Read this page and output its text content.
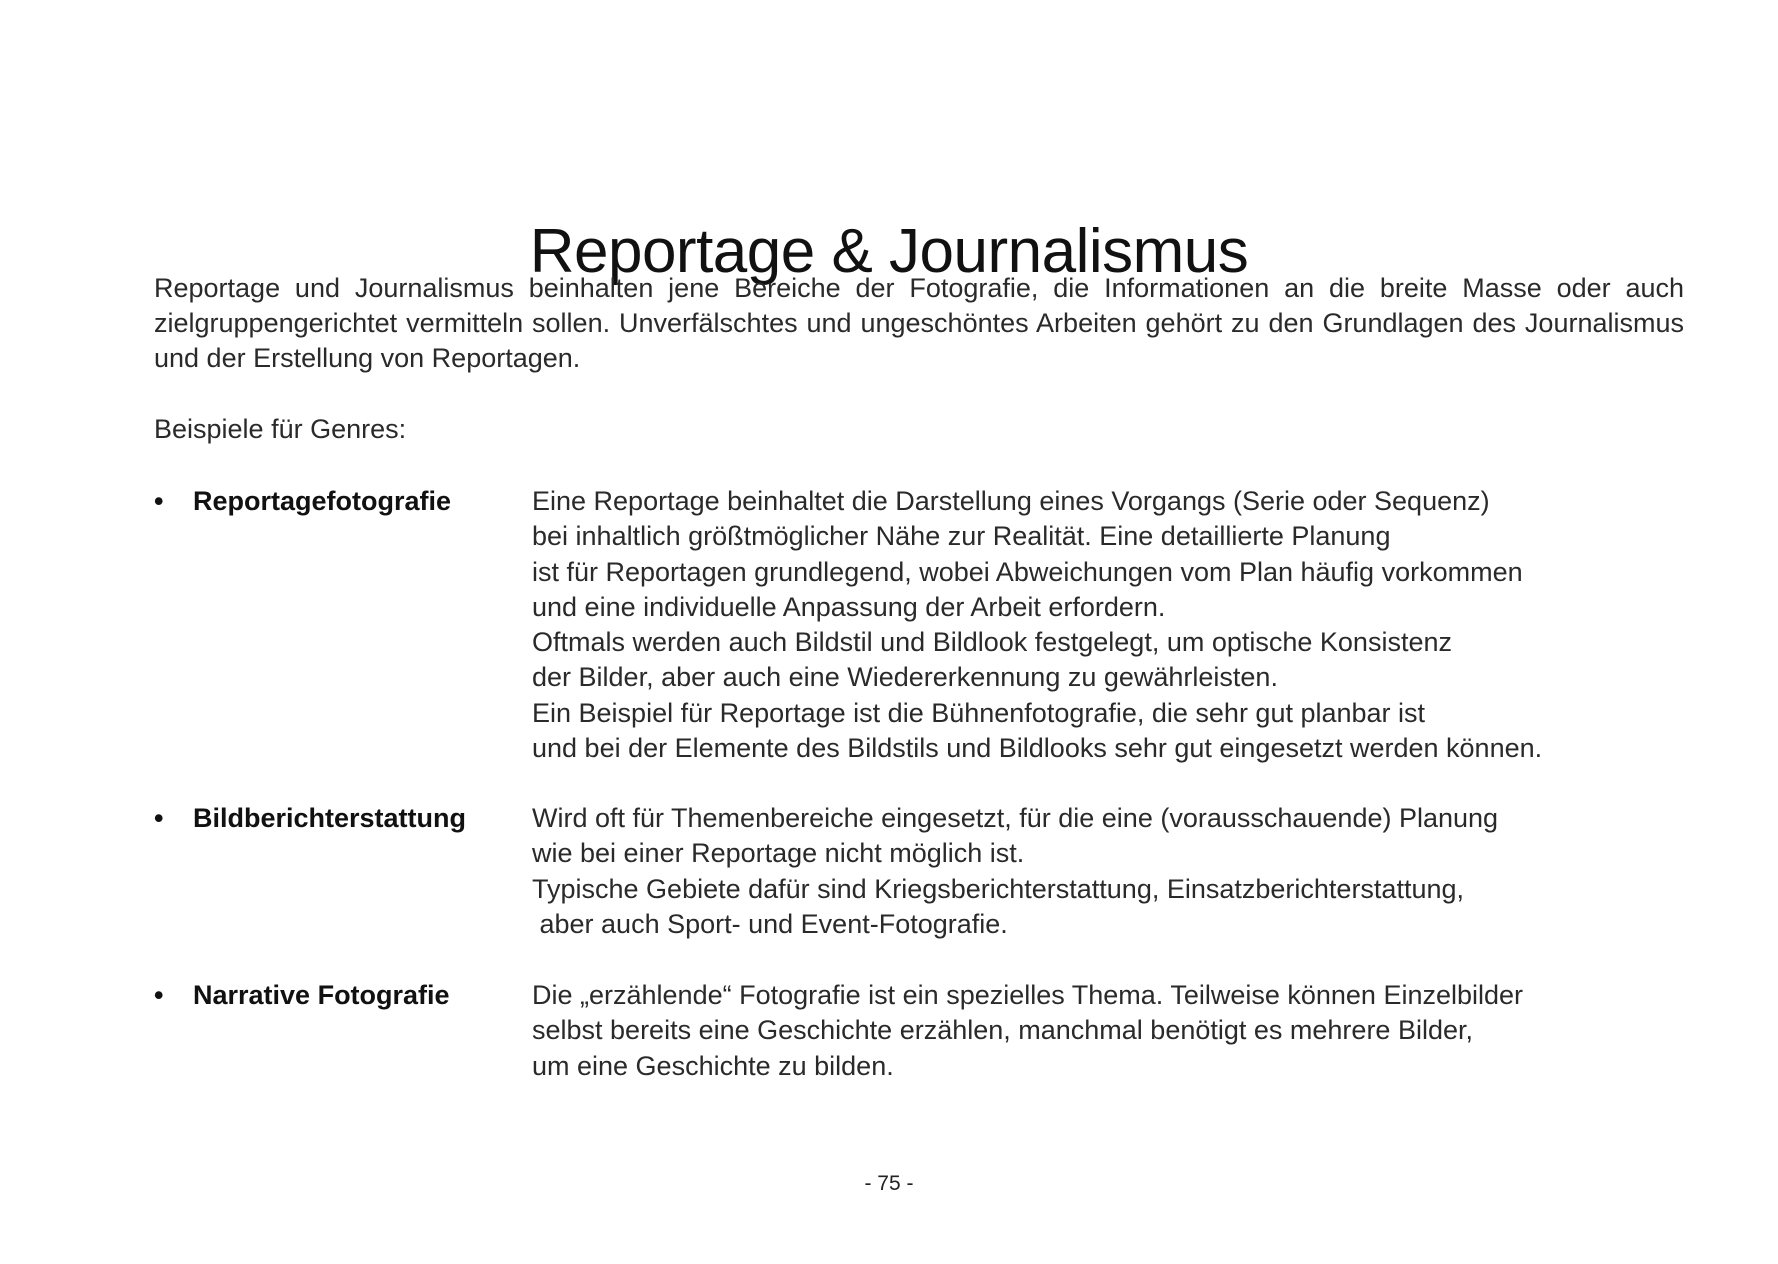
Reportage & Journalismus

Reportage und Journalismus beinhalten jene Bereiche der Fotografie, die Informationen an die breite Masse oder auch zielgruppengerichtet vermitteln sollen. Unverfälschtes und ungeschöntes Arbeiten gehört zu den Grundlagen des Journalismus und der Erstellung von Reportagen.

Beispiele für Genres:
• Reportagefotografie	Eine Reportage beinhaltet die Darstellung eines Vorgangs (Serie oder Sequenz)
bei inhaltlich größtmöglicher Nähe zur Realität. Eine detaillierte Planung
ist für Reportagen grundlegend, wobei Abweichungen vom Plan häufig vorkommen
und eine individuelle Anpassung der Arbeit erfordern.
Oftmals werden auch Bildstil und Bildlook festgelegt, um optische Konsistenz
der Bilder, aber auch eine Wiedererkennung zu gewährleisten.
Ein Beispiel für Reportage ist die Bühnenfotografie, die sehr gut planbar ist
und bei der Elemente des Bildstils und Bildlooks sehr gut eingesetzt werden können.
• Bildberichterstattung Wird oft für Themenbereiche eingesetzt, für die eine (vorausschauende) Planung
wie bei einer Reportage nicht möglich ist.
Typische Gebiete dafür sind Kriegsberichterstattung, Einsatzberichterstattung,
aber auch Sport- und Event-Fotografie.
• Narrative Fotografie	Die „erzählende“ Fotografie ist ein spezielles Thema. Teilweise können Einzelbilder
selbst bereits eine Geschichte erzählen, manchmal benötigt es mehrere Bilder,
um eine Geschichte zu bilden.
- 75 -
